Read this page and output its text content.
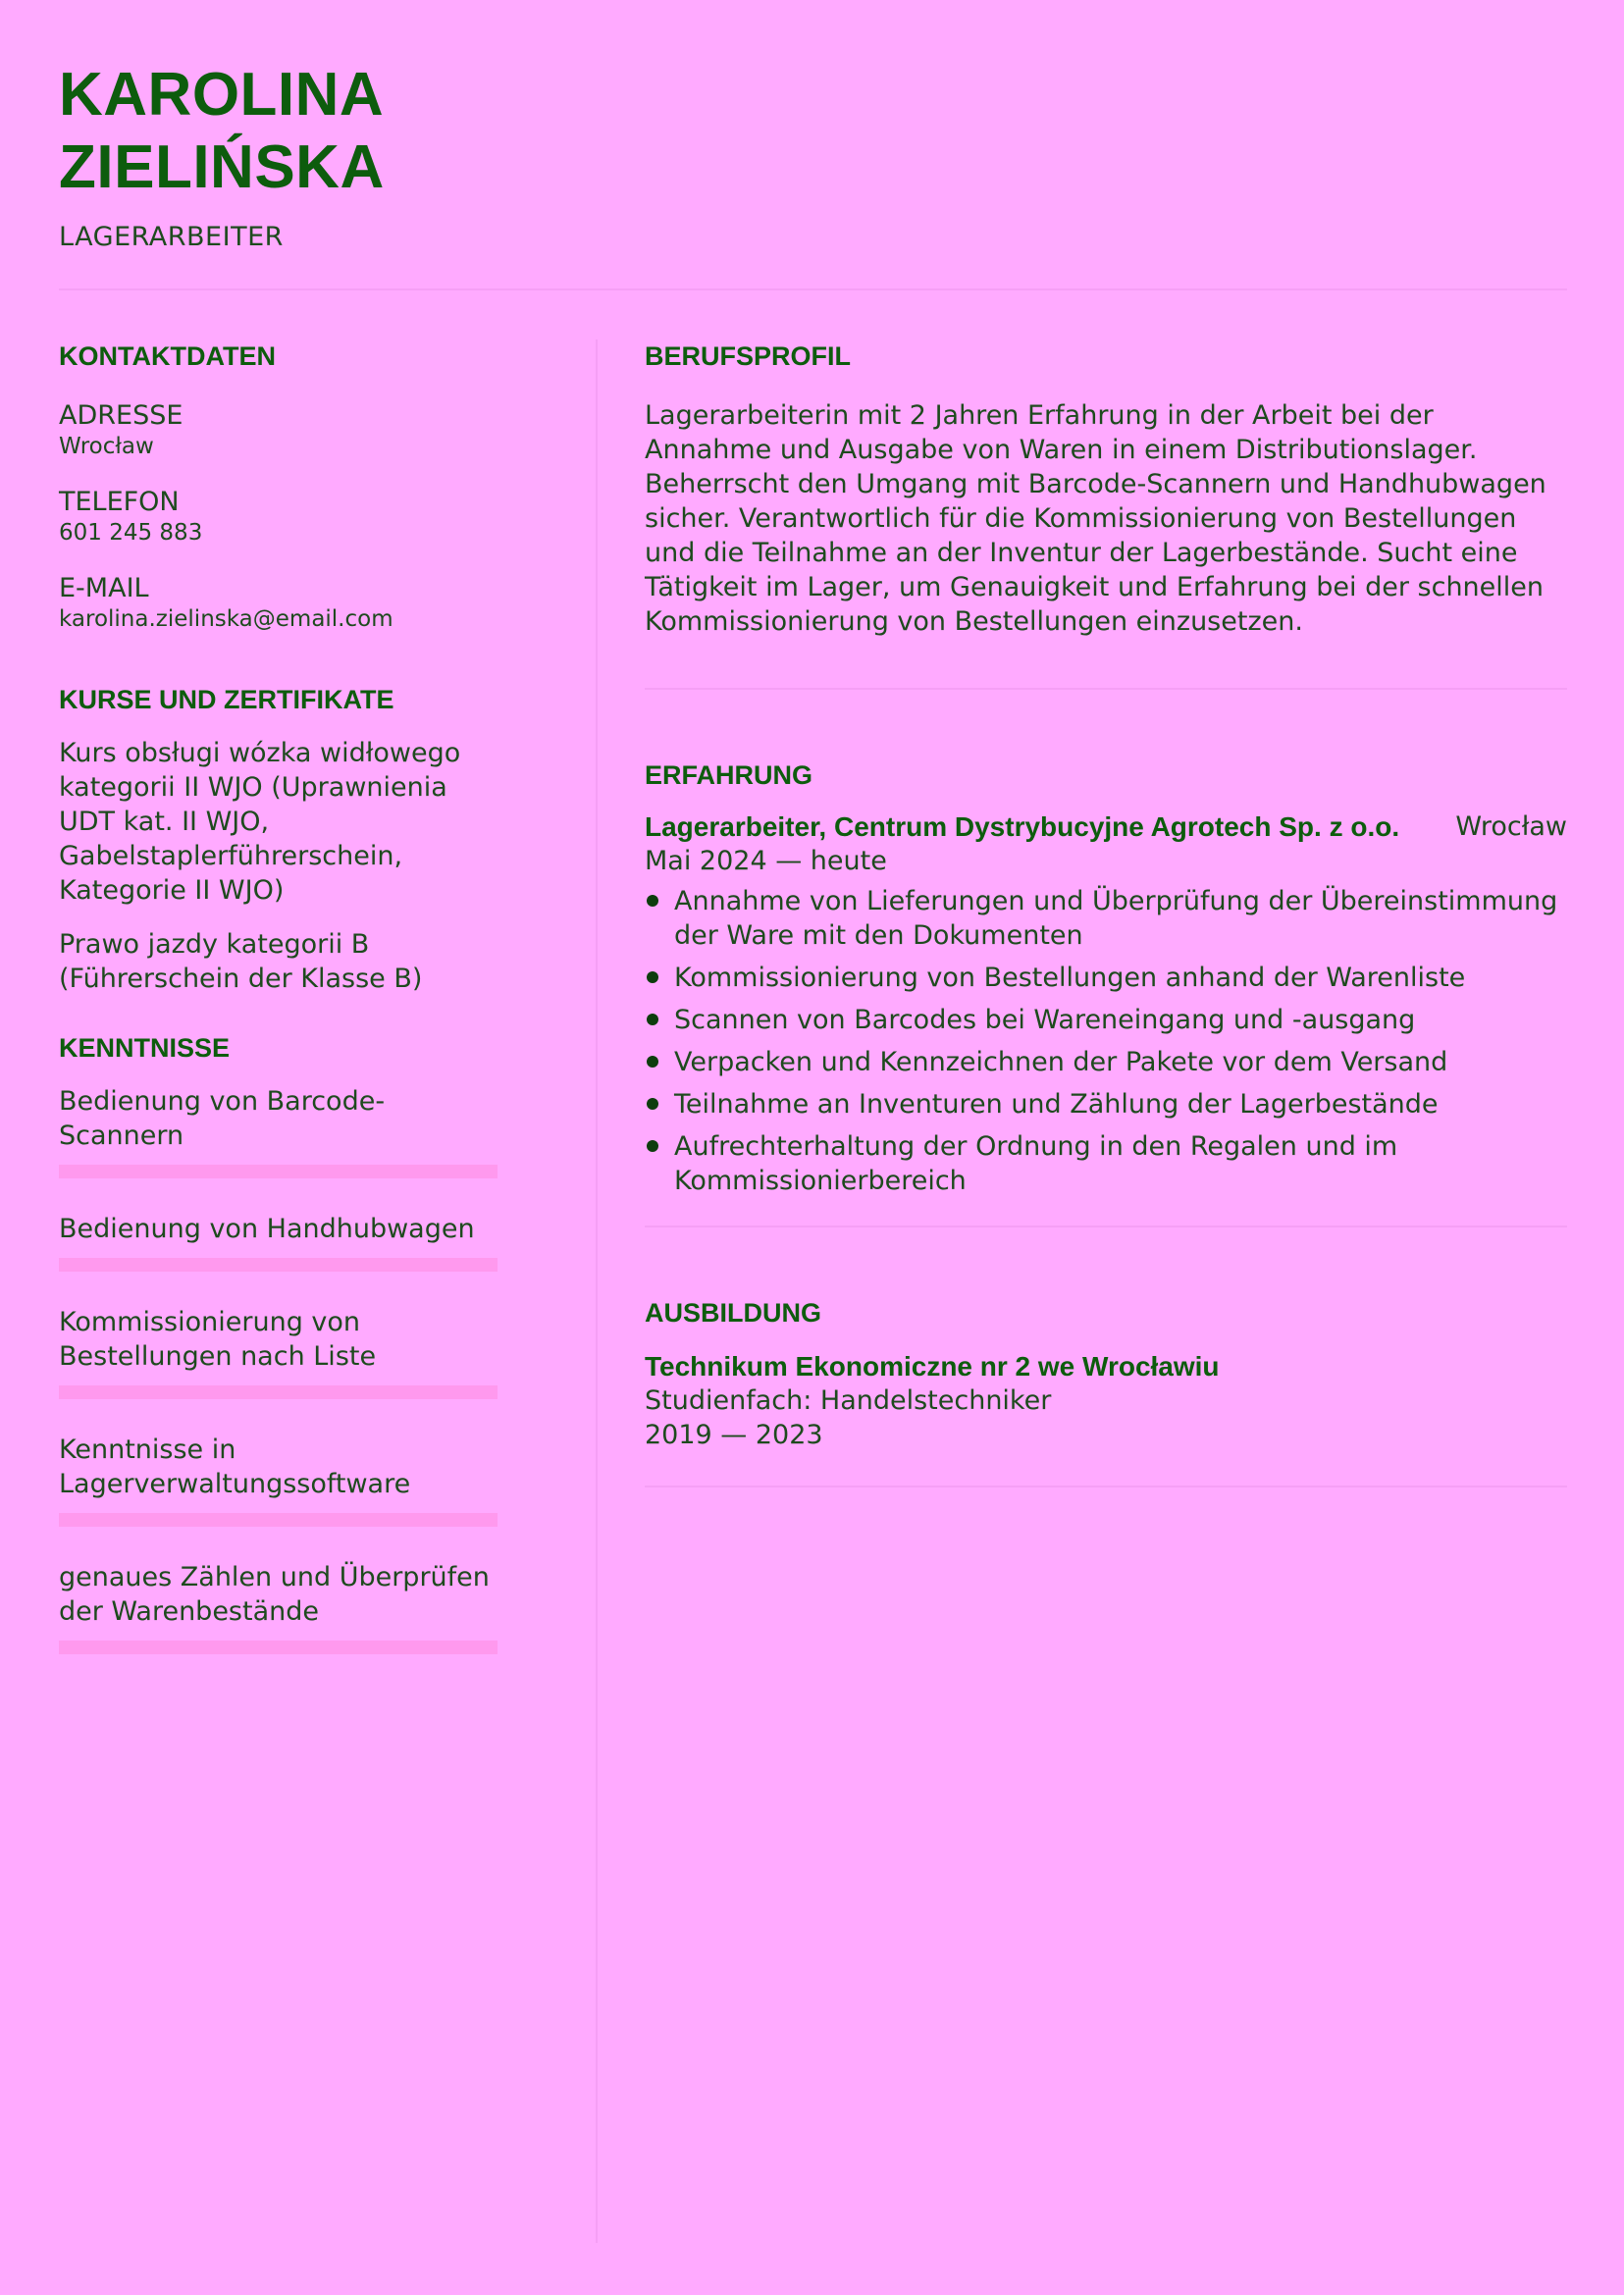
KAROLINA
ZIELIŃSKA
LAGERARBEITER
KONTAKTDATEN
ADRESSE
Wrocław
TELEFON
601 245 883
E-MAIL
karolina.zielinska@email.com
KURSE UND ZERTIFIKATE
Kurs obsługi wózka widłowego kategorii II WJO (Uprawnienia UDT kat. II WJO, Gabelstaplerführerschein, Kategorie II WJO)
Prawo jazdy kategorii B (Führerschein der Klasse B)
KENNTNISSE
Bedienung von Barcode-Scannern
Bedienung von Handhubwagen
Kommissionierung von Bestellungen nach Liste
Kenntnisse in Lagerverwaltungssoftware
genaues Zählen und Überprüfen der Warenbestände
BERUFSPROFIL

Lagerarbeiterin mit 2 Jahren Erfahrung in der Arbeit bei der Annahme und Ausgabe von Waren in einem Distributionslager. Beherrscht den Umgang mit Barcode-Scannern und Handhubwagen sicher. Verantwortlich für die Kommissionierung von Bestellungen und die Teilnahme an der Inventur der Lagerbestände. Sucht eine Tätigkeit im Lager, um Genauigkeit und Erfahrung bei der schnellen Kommissionierung von Bestellungen einzusetzen.

ERFAHRUNG
Lagerarbeiter, Centrum Dystrybucyjne Agrotech Sp. z o.o. Wrocław
Mai 2024 — heute
Annahme von Lieferungen und Überprüfung der Übereinstimmung der Ware mit den Dokumenten
Kommissionierung von Bestellungen anhand der Warenliste
Scannen von Barcodes bei Wareneingang und -ausgang
Verpacken und Kennzeichnen der Pakete vor dem Versand
Teilnahme an Inventuren und Zählung der Lagerbestände
Aufrechterhaltung der Ordnung in den Regalen und im Kommissionierbereich
AUSBILDUNG
Technikum Ekonomiczne nr 2 we Wrocławiu
Studienfach: Handelstechniker
2019 — 2023
